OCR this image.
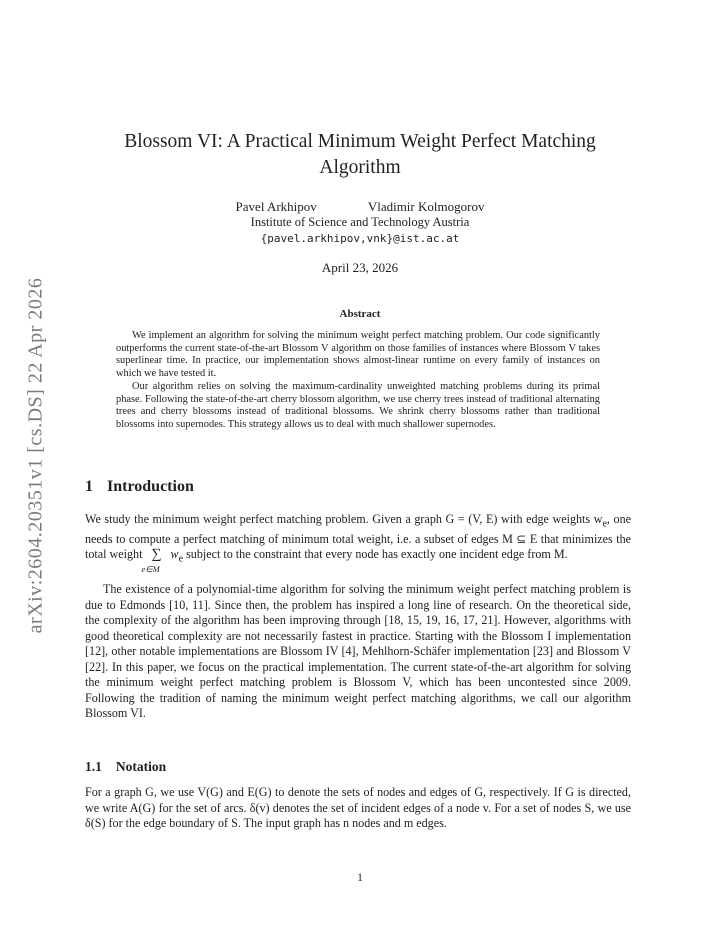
arXiv:2604.20351v1 [cs.DS] 22 Apr 2026
Blossom VI: A Practical Minimum Weight Perfect Matching Algorithm
Pavel Arkhipov	Vladimir Kolmogorov
Institute of Science and Technology Austria
{pavel.arkhipov,vnk}@ist.ac.at
April 23, 2026
Abstract

We implement an algorithm for solving the minimum weight perfect matching problem. Our code significantly outperforms the current state-of-the-art Blossom V algorithm on those families of instances where Blossom V takes superlinear time. In practice, our implementation shows almost-linear runtime on every family of instances on which we have tested it.

Our algorithm relies on solving the maximum-cardinality unweighted matching problems during its primal phase. Following the state-of-the-art cherry blossom algorithm, we use cherry trees instead of traditional alternating trees and cherry blossoms instead of traditional blossoms. We shrink cherry blossoms rather than traditional blossoms into supernodes. This strategy allows us to deal with much shallower supernodes.

1 Introduction

We study the minimum weight perfect matching problem. Given a graph G = (V, E) with edge weights $w_e$, one needs to compute a perfect matching of minimum total weight, i.e. a subset of edges M ⊆ E that minimizes the total weight ∑
e∈M
$w_e$ subject to the constraint that every node has exactly one incident edge from M.

The existence of a polynomial-time algorithm for solving the minimum weight perfect matching problem is due to Edmonds [10, 11]. Since then, the problem has inspired a long line of research. On the theoretical side, the complexity of the algorithm has been improving through [18, 15, 19, 16, 17, 21]. However, algorithms with good theoretical complexity are not necessarily fastest in practice. Starting with the Blossom I implementation [12], other notable implementations are Blossom IV [4], Mehlhorn-Schäfer implementation [23] and Blossom V [22]. In this paper, we focus on the practical implementation. The current state-of-the-art algorithm for solving the minimum weight perfect matching problem is Blossom V, which has been uncontested since 2009. Following the tradition of naming the minimum weight perfect matching algorithms, we call our algorithm Blossom VI.

1.1 Notation

For a graph G, we use V(G) and E(G) to denote the sets of nodes and edges of G, respectively. If G is directed, we write A(G) for the set of arcs. δ(v) denotes the set of incident edges of a node v. For a set of nodes S, we use δ(S) for the edge boundary of S. The input graph has n nodes and m edges.

1
